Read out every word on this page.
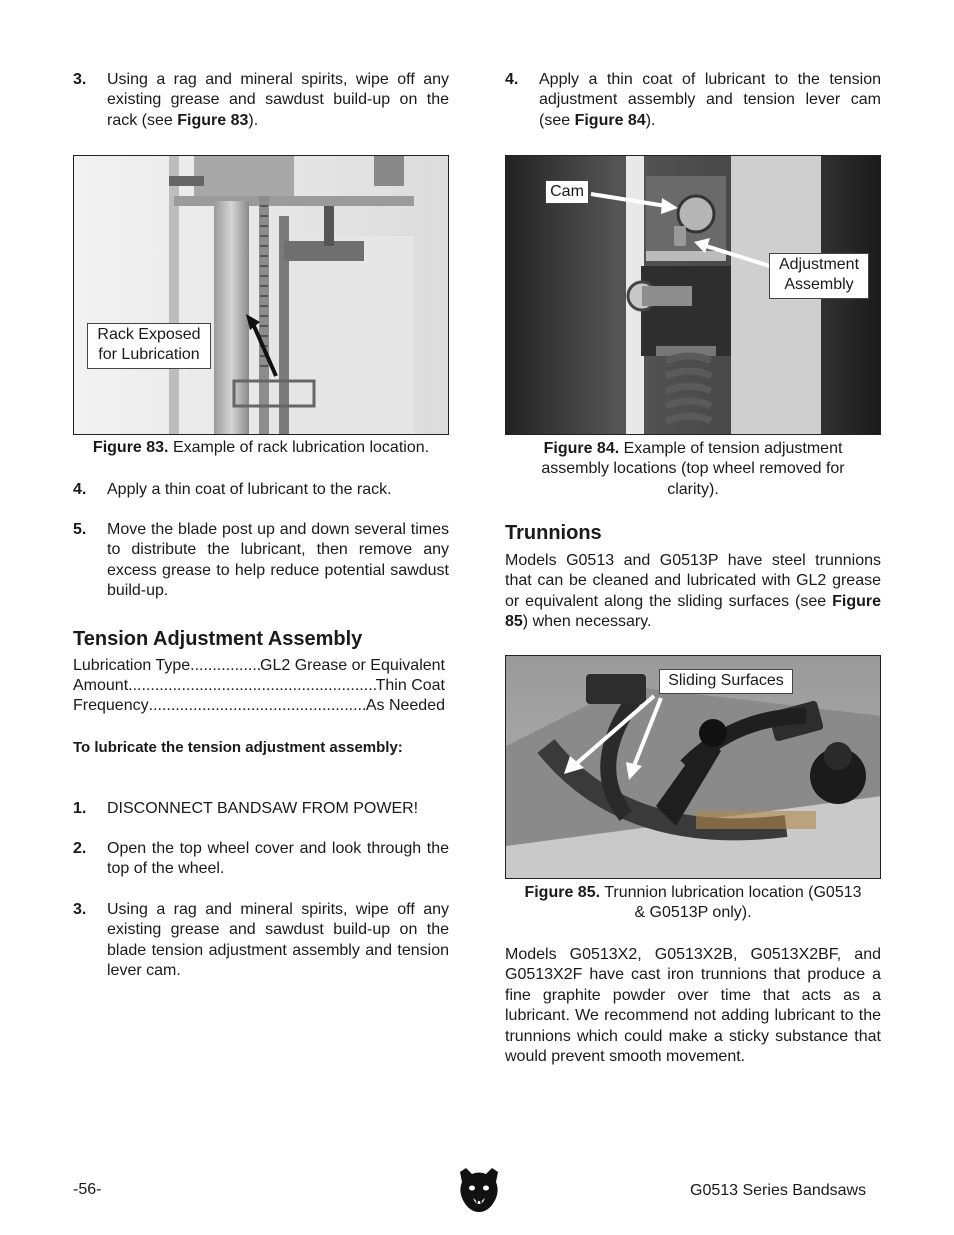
3.	Using a rag and mineral spirits, wipe off any existing grease and sawdust build-up on the rack (see Figure 83).
Rack Exposed
for Lubrication
Figure 83. Example of rack lubrication location.
4.	Apply a thin coat of lubricant to the rack.
5.	Move the blade post up and down several times to distribute the lubricant, then remove any excess grease to help reduce potential sawdust build-up.
Tension Adjustment Assembly
Lubrication Type .....	GL2 Grease or Equivalent
Amount .....	Thin Coat
Frequency .....	As Needed
To lubricate the tension adjustment assembly:
1.	DISCONNECT BANDSAW FROM POWER!
2.	Open the top wheel cover and look through the top of the wheel.
3.	Using a rag and mineral spirits, wipe off any existing grease and sawdust build-up on the blade tension adjustment assembly and tension lever cam.
4.	Apply a thin coat of lubricant to the tension adjustment assembly and tension lever cam (see Figure 84).
Cam
Adjustment
Assembly
Figure 84. Example of tension adjustment assembly locations (top wheel removed for clarity).
Trunnions
Models G0513 and G0513P have steel trunnions that can be cleaned and lubricated with GL2 grease or equivalent along the sliding surfaces (see Figure 85) when necessary.
Sliding Surfaces
Figure 85. Trunnion lubrication location (G0513 & G0513P only).
Models G0513X2, G0513X2B, G0513X2BF, and G0513X2F have cast iron trunnions that produce a fine graphite powder over time that acts as a lubricant. We recommend not adding lubricant to the trunnions which could make a sticky substance that would prevent smooth movement.
-56-	G0513 Series Bandsaws
